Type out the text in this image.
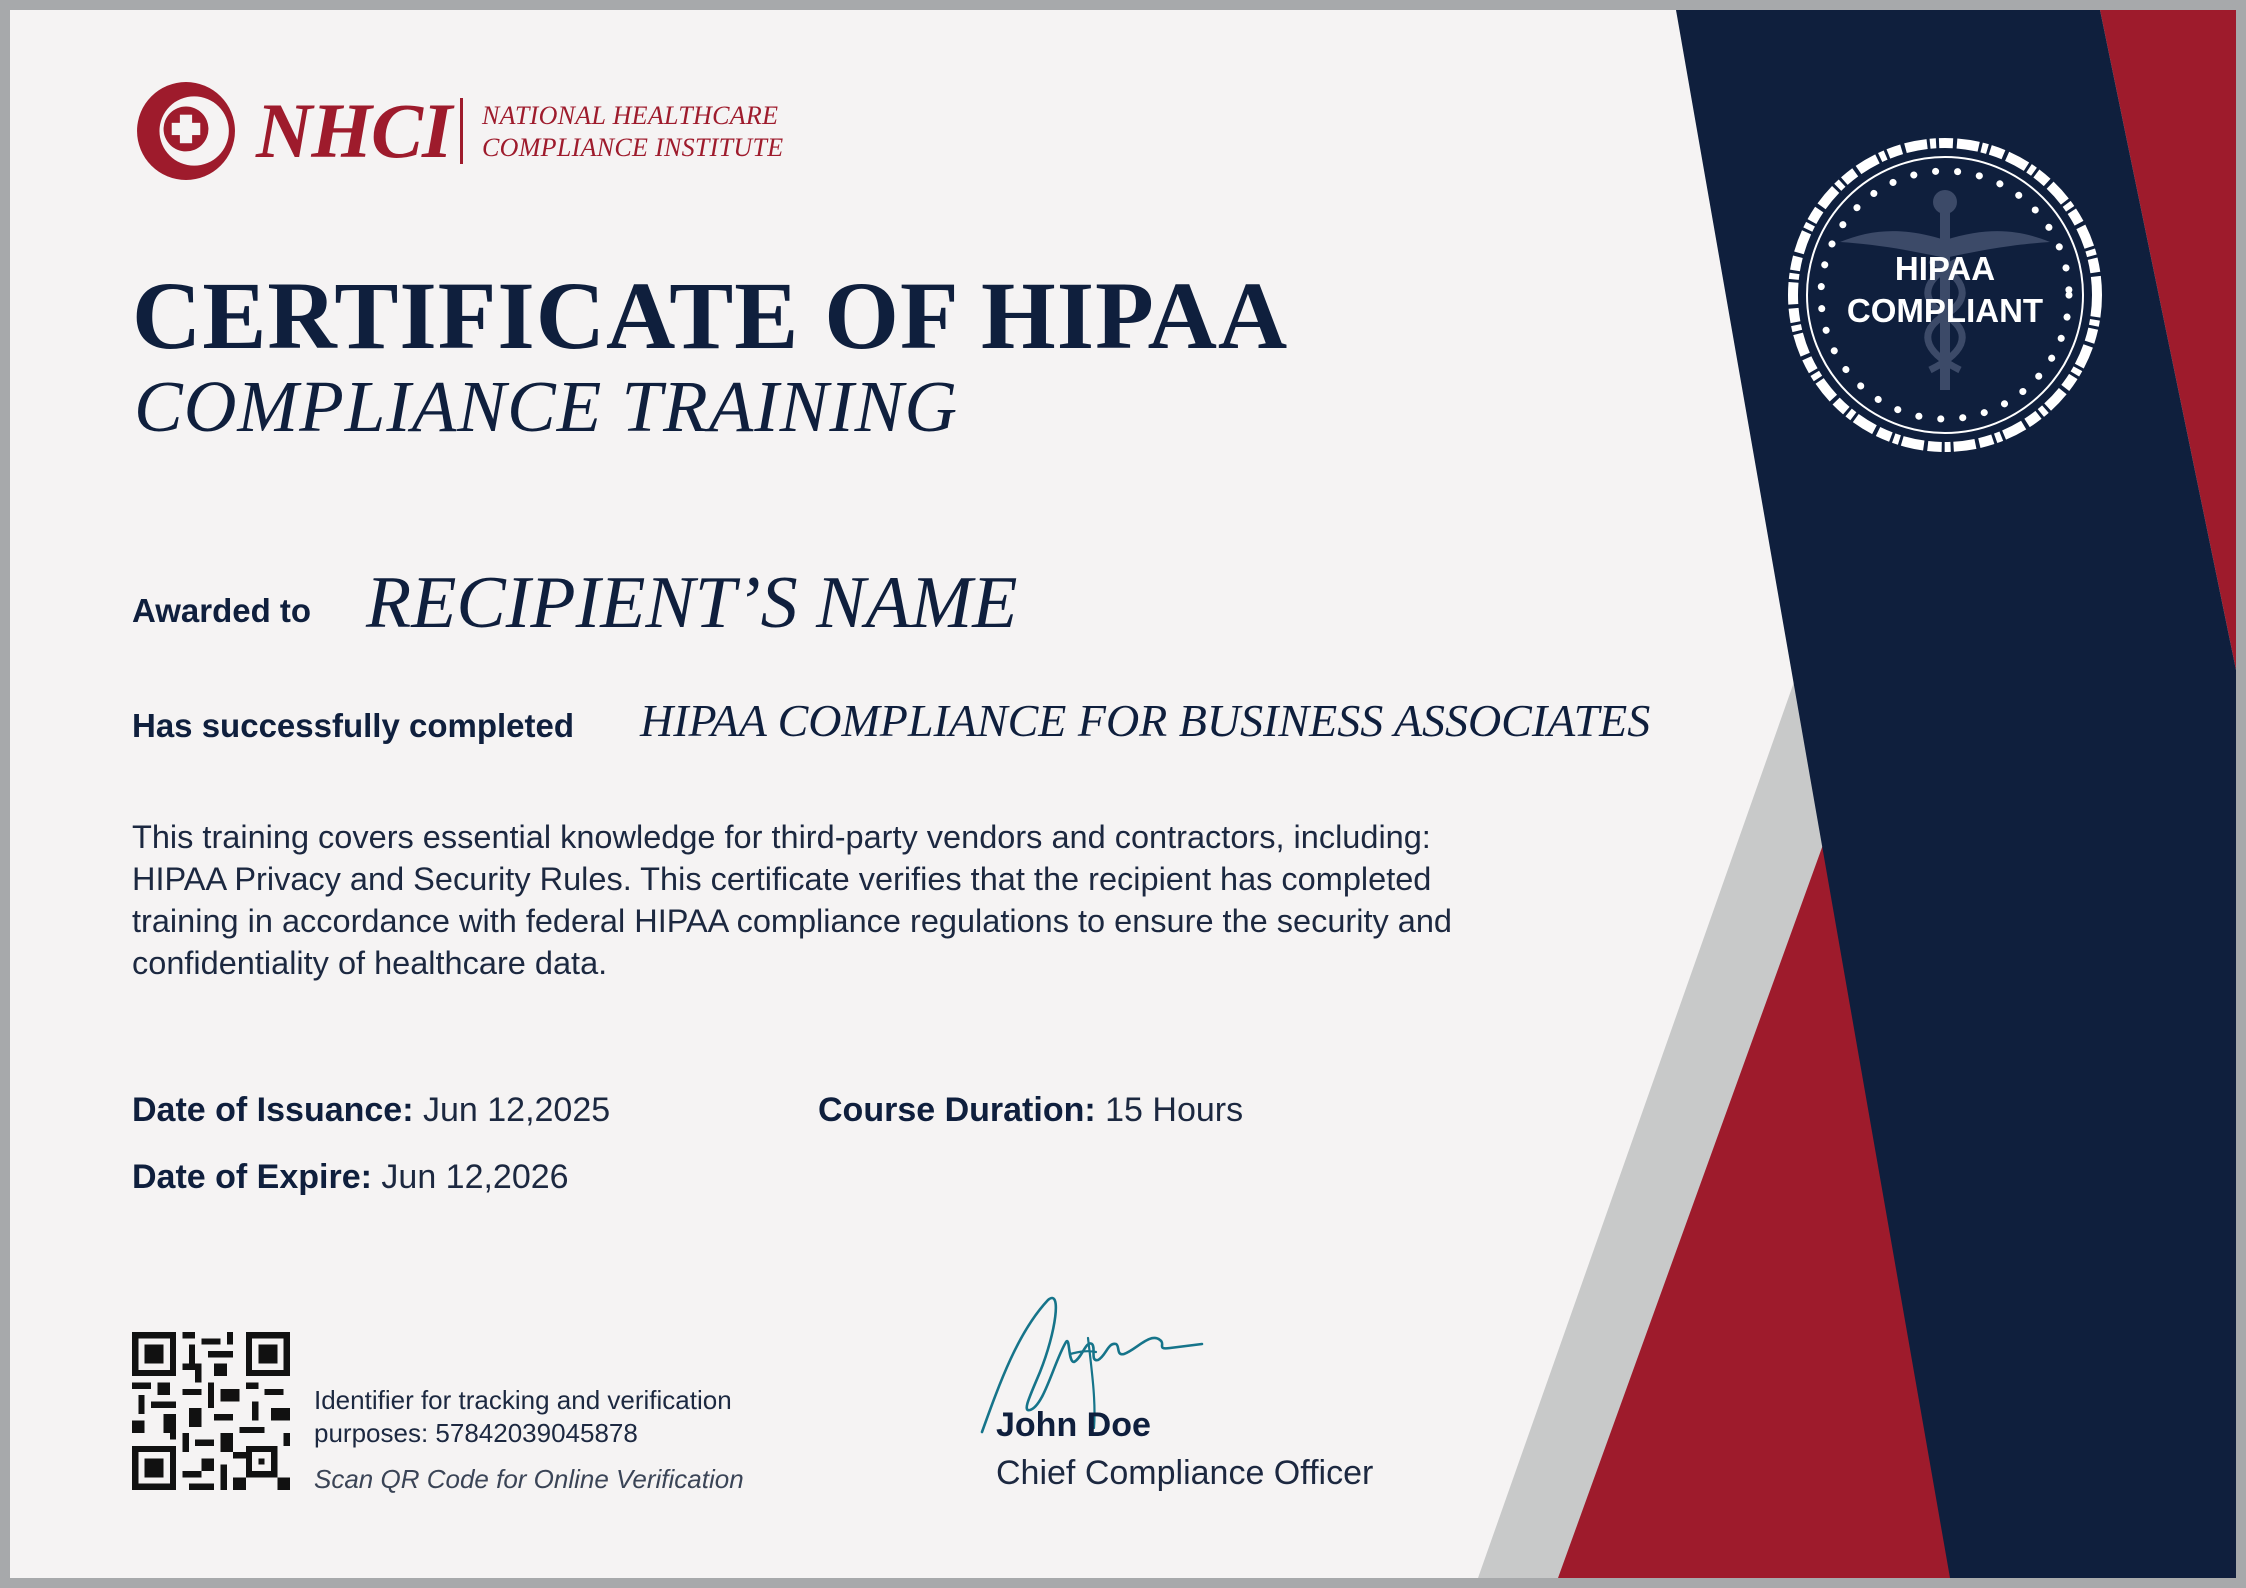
NHCI NATIONAL HEALTHCARE
COMPLIANCE INSTITUTE
CERTIFICATE OF HIPAA
COMPLIANCE TRAINING
Awarded to RECIPIENT’S NAME
Has successfully completed HIPAA COMPLIANCE FOR BUSINESS ASSOCIATES
This training covers essential knowledge for third-party vendors and contractors, including: HIPAA Privacy and Security Rules. This certificate verifies that the recipient has completed training in accordance with federal HIPAA compliance regulations to ensure the security and confidentiality of healthcare data.
Date of Issuance: Jun 12,2025	Course Duration: 15 Hours
Date of Expire: Jun 12,2026
Identifier for tracking and verification purposes: 57842039045878
Scan QR Code for Online Verification
John Doe
Chief Compliance Officer
HIPAA
COMPLIANT
